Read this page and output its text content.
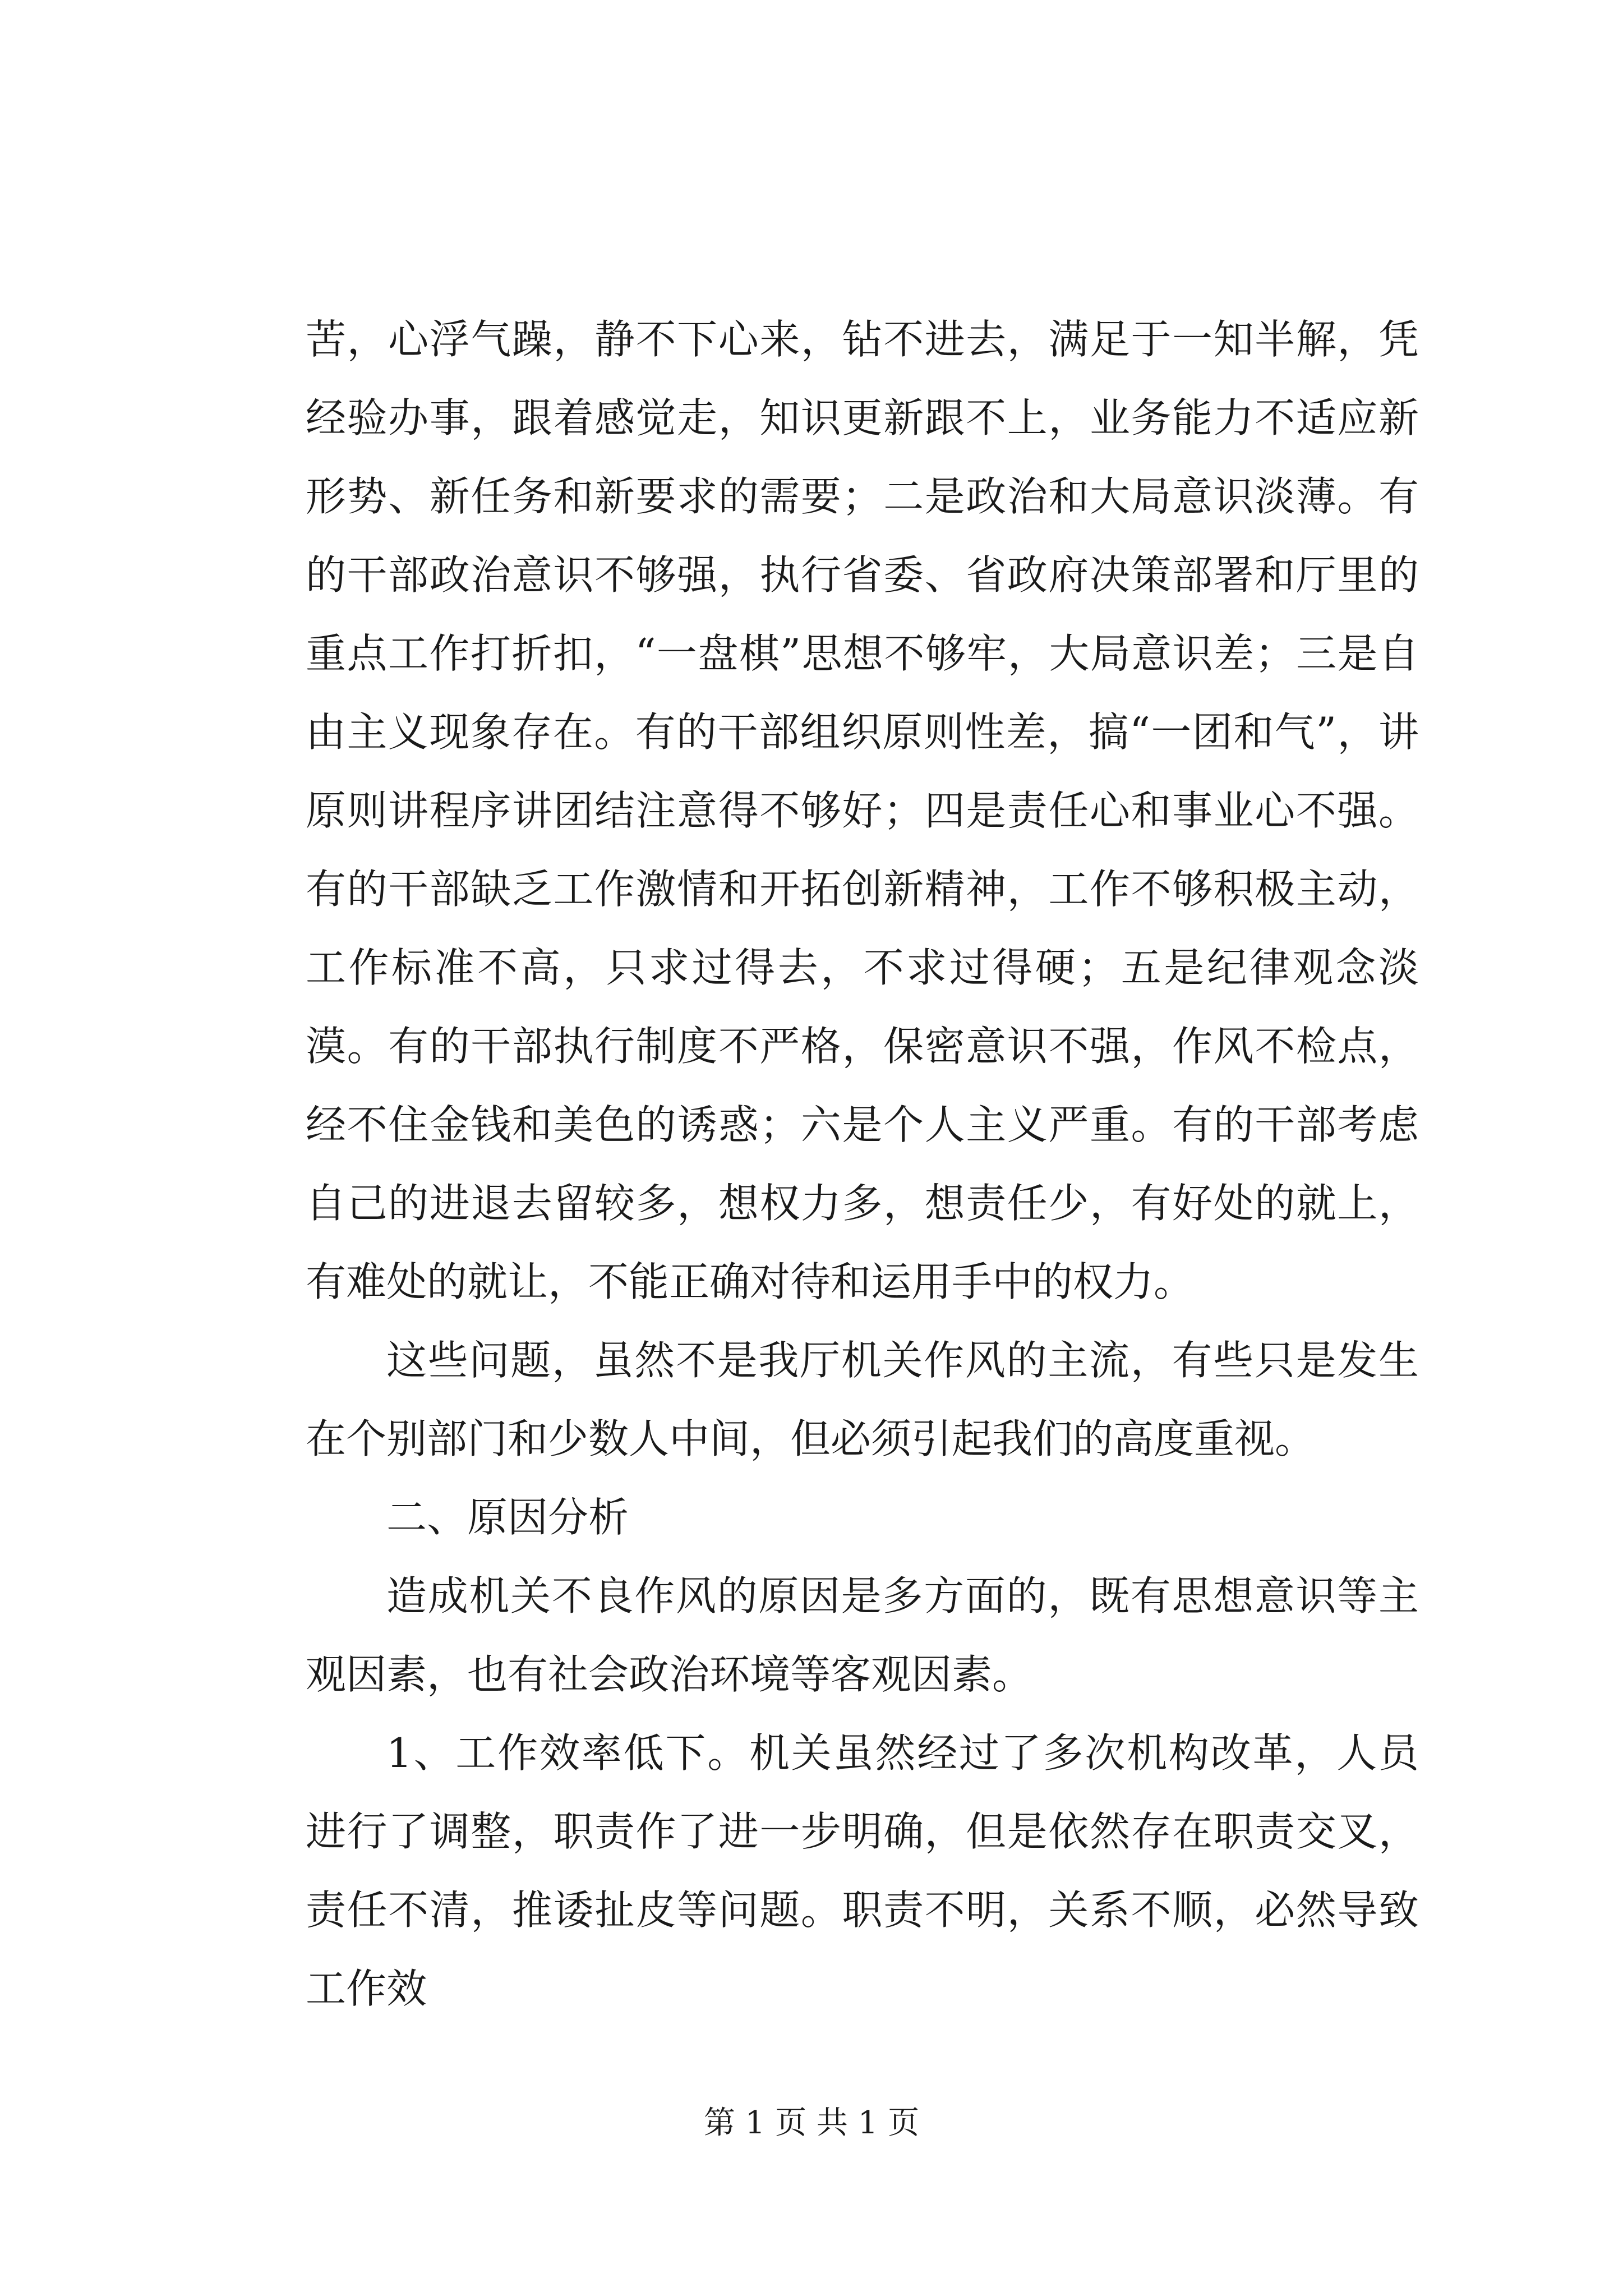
苦，心浮气躁，静不下心来，钻不进去，满足于一知半解，凭经验办事，跟着感觉走，知识更新跟不上，业务能力不适应新形势、新任务和新要求的需要；二是政治和大局意识淡薄。有的干部政治意识不够强，执行省委、省政府决策部署和厅里的重点工作打折扣，“一盘棋”思想不够牢，大局意识差；三是自由主义现象存在。有的干部组织原则性差，搞“一团和气”，讲原则讲程序讲团结注意得不够好；四是责任心和事业心不强。有的干部缺乏工作激情和开拓创新精神，工作不够积极主动，工作标准不高，只求过得去，不求过得硬；五是纪律观念淡漠。有的干部执行制度不严格，保密意识不强，作风不检点，经不住金钱和美色的诱惑；六是个人主义严重。有的干部考虑自己的进退去留较多，想权力多，想责任少，有好处的就上，有难处的就让，不能正确对待和运用手中的权力。

这些问题，虽然不是我厅机关作风的主流，有些只是发生在个别部门和少数人中间，但必须引起我们的高度重视。

二、原因分析

造成机关不良作风的原因是多方面的，既有思想意识等主观因素，也有社会政治环境等客观因素。

1、工作效率低下。机关虽然经过了多次机构改革，人员进行了调整，职责作了进一步明确，但是依然存在职责交叉，责任不清，推诿扯皮等问题。职责不明，关系不顺，必然导致工作效

第 1 页 共 1 页
